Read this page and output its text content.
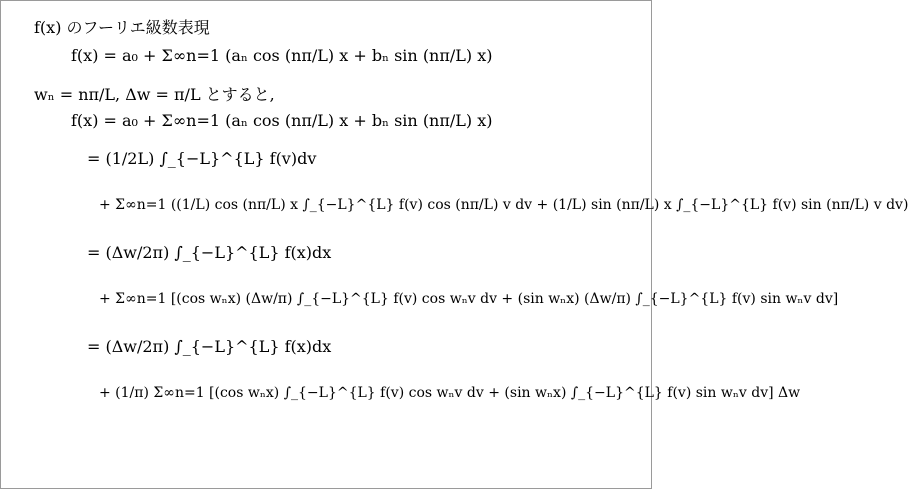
f(x) のフーリエ級数表現
f(x) = a₀ + Σ∞n=1 (aₙ cos (nπ/L) x + bₙ sin (nπ/L) x)
wₙ = nπ/L, Δw = π/L とすると,
f(x) = a₀ + Σ∞n=1 (aₙ cos (nπ/L) x + bₙ sin (nπ/L) x)
= (1/2L) ∫_{−L}^{L} f(v)dv
+ Σ∞n=1 ((1/L) cos (nπ/L) x ∫_{−L}^{L} f(v) cos (nπ/L) v dv + (1/L) sin (nπ/L) x ∫_{−L}^{L} f(v) sin (nπ/L) v dv)
= (Δw/2π) ∫_{−L}^{L} f(x)dx
+ Σ∞n=1 [(cos wₙx) (Δw/π) ∫_{−L}^{L} f(v) cos wₙv dv + (sin wₙx) (Δw/π) ∫_{−L}^{L} f(v) sin wₙv dv]
= (Δw/2π) ∫_{−L}^{L} f(x)dx
+ (1/π) Σ∞n=1 [(cos wₙx) ∫_{−L}^{L} f(v) cos wₙv dv + (sin wₙx) ∫_{−L}^{L} f(v) sin wₙv dv] Δw
